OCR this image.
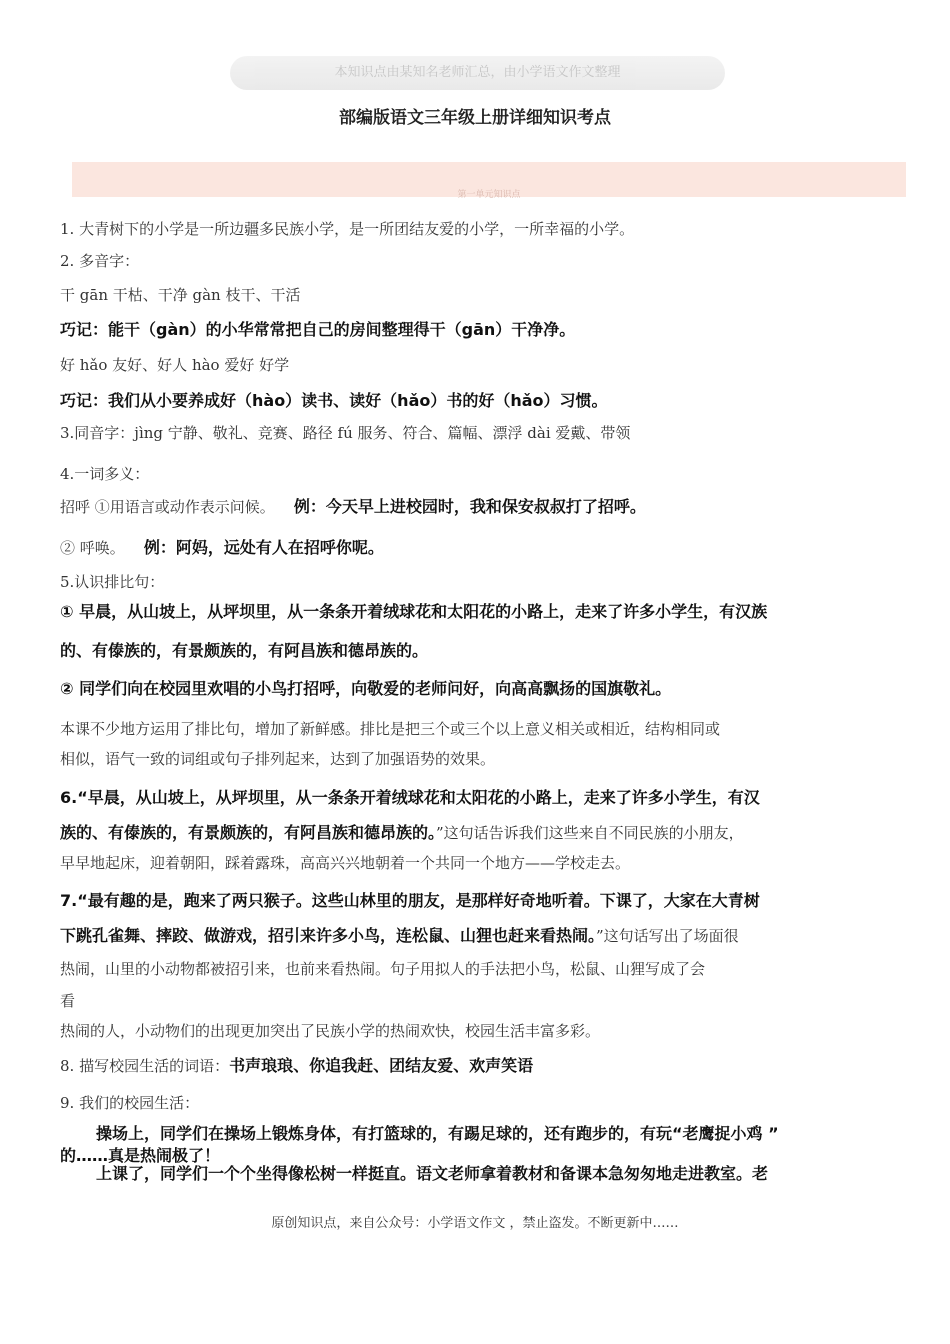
本知识点由某知名老师汇总，由小学语文作文整理
部编版语文三年级上册详细知识考点
第一单元知识点
1. 大青树下的小学是一所边疆多民族小学，是一所团结友爱的小学，一所幸福的小学。
2. 多音字：
干 gān 干枯、干净 gàn 枝干、干活
巧记：能干（gàn）的小华常常把自己的房间整理得干（gān）干净净。
好 hǎo 友好、好人 hào 爱好 好学
巧记：我们从小要养成好（hào）读书、读好（hǎo）书的好（hǎo）习惯。
3.同音字：jìng 宁静、敬礼、竞赛、路径 fú 服务、符合、篇幅、漂浮 dài 爱戴、带领
4.一词多义：
招呼 ①用语言或动作表示问候。 例：今天早上进校园时，我和保安叔叔打了招呼。
② 呼唤。 例：阿妈，远处有人在招呼你呢。
5.认识排比句：
① 早晨，从山坡上，从坪坝里，从一条条开着绒球花和太阳花的小路上，走来了许多小学生，有汉族
的、有傣族的，有景颇族的，有阿昌族和德昂族的。
② 同学们向在校园里欢唱的小鸟打招呼，向敬爱的老师问好，向高高飘扬的国旗敬礼。
本课不少地方运用了排比句，增加了新鲜感。排比是把三个或三个以上意义相关或相近，结构相同或
相似，语气一致的词组或句子排列起来，达到了加强语势的效果。
6.“早晨，从山坡上，从坪坝里，从一条条开着绒球花和太阳花的小路上，走来了许多小学生，有汉
族的、有傣族的，有景颇族的，有阿昌族和德昂族的。”这句话告诉我们这些来自不同民族的小朋友，
早早地起床，迎着朝阳，踩着露珠，高高兴兴地朝着一个共同一个地方——学校走去。
7.“最有趣的是，跑来了两只猴子。这些山林里的朋友，是那样好奇地听着。下课了，大家在大青树
下跳孔雀舞、摔跤、做游戏，招引来许多小鸟，连松鼠、山狸也赶来看热闹。”这句话写出了场面很
热闹，山里的小动物都被招引来，也前来看热闹。句子用拟人的手法把小鸟，松鼠、山狸写成了会
看
热闹的人，小动物们的出现更加突出了民族小学的热闹欢快，校园生活丰富多彩。
8. 描写校园生活的词语：书声琅琅、你追我赶、团结友爱、欢声笑语
9. 我们的校园生活：
操场上，同学们在操场上锻炼身体，有打篮球的，有踢足球的，还有跑步的，有玩“老鹰捉小鸡 ”
的……真是热闹极了！
上课了，同学们一个个坐得像松树一样挺直。语文老师拿着教材和备课本急匆匆地走进教室。老
原创知识点，来自公众号：小学语文作文 ，禁止盗发。不断更新中……
